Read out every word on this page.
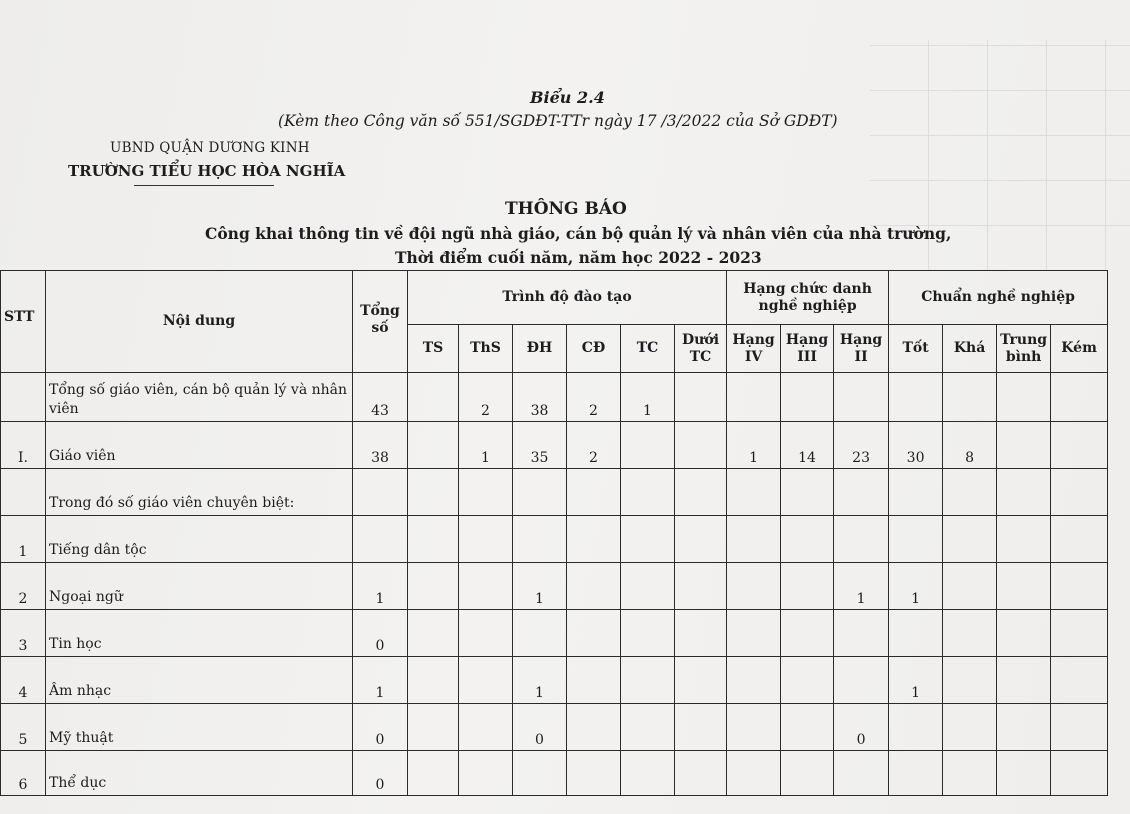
Biểu 2.4
(Kèm theo Công văn số 551/SGDĐT-TTr ngày 17 /3/2022 của Sở GDĐT)
UBND QUẬN DƯƠNG KINH
TRƯỜNG TIỂU HỌC HÒA NGHĨA
THÔNG BÁO
Công khai thông tin về đội ngũ nhà giáo, cán bộ quản lý và nhân viên của nhà trường,
Thời điểm cuối năm, năm học 2022 - 2023
STT	Nội dung	Tổng số	Trình độ đào tạo						Hạng chức danh nghề nghiệp			Chuẩn nghề nghiệp			
			TS	ThS	ĐH	CĐ	TC	Dưới TC	Hạng IV	Hạng III	Hạng II	Tốt	Khá	Trung bình	Kém
	Tổng số giáo viên, cán bộ quản lý và nhân viên	43		2	38	2	1								
I.	Giáo viên	38		1	35	2			1	14	23	30	8		
	Trong đó số giáo viên chuyên biệt:														
1	Tiếng dân tộc														
2	Ngoại ngữ	1			1						1	1			
3	Tin học	0													
4	Âm nhạc	1			1							1			
5	Mỹ thuật	0			0						0				
6	Thể dục	0													
